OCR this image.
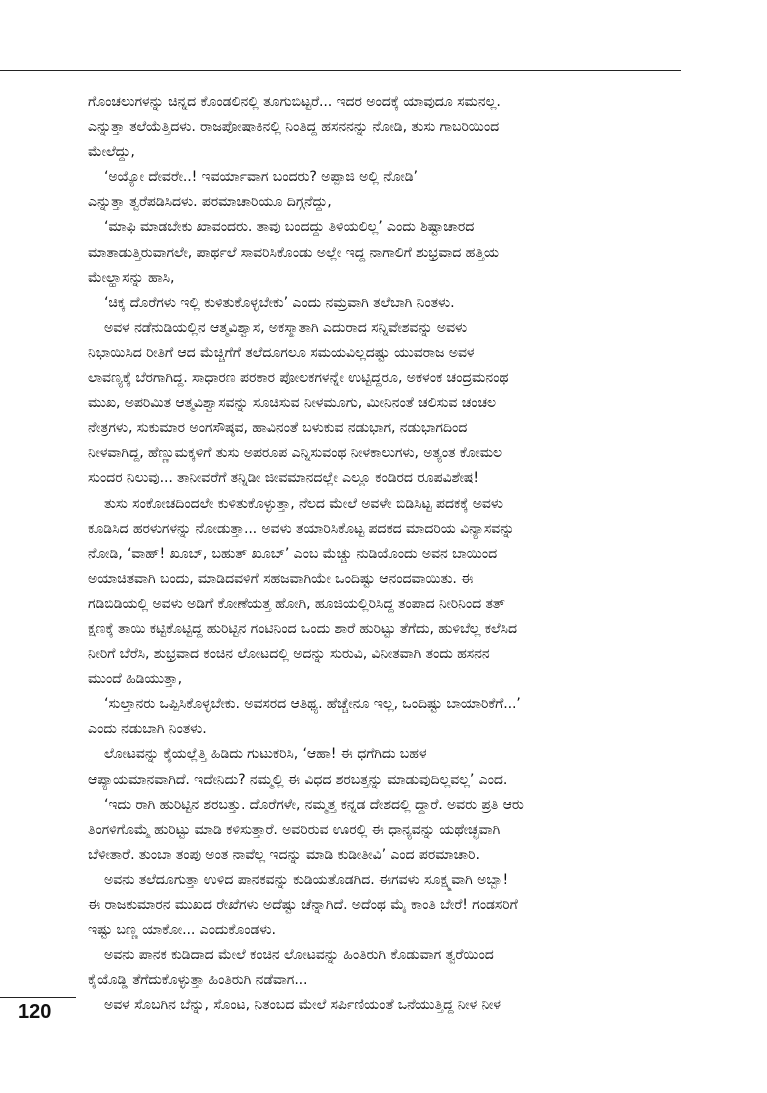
ಗೊಂಚಲುಗಳನ್ನು ಚಿನ್ನದ ಕೊಂಡಲಿನಲ್ಲಿ ತೂಗುಬಿಟ್ಟರೆ... ಇದರ ಅಂದಕ್ಕೆ ಯಾವುದೂ ಸಮನಲ್ಲ.
ಎನ್ನುತ್ತಾ ತಲೆಯೆತ್ತಿದಳು. ರಾಜಪೋಷಾಕಿನಲ್ಲಿ ನಿಂತಿದ್ದ ಹಸನನನ್ನು ನೋಡಿ, ತುಸು ಗಾಬರಿಯಿಂದ
ಮೇಲೆದ್ದು,
‘ಅಯ್ಯೋ ದೇವರೇ..! ಇವರ್ಯಾವಾಗ ಬಂದರು? ಅಪ್ಪಾಜಿ ಅಲ್ಲಿ ನೋಡಿ’
ಎನ್ನುತ್ತಾ ತ್ವರೆಪಡಿಸಿದಳು. ಪರಮಾಚಾರಿಯೂ ದಿಗ್ಗನೆದ್ದು,
‘ಮಾಫಿ ಮಾಡಬೇಕು ಖಾವಂದರು. ತಾವು ಬಂದದ್ದು ತಿಳಿಯಲಿಲ್ಲ’ ಎಂದು ಶಿಷ್ಟಾಚಾರದ
ಮಾತಾಡುತ್ತಿರುವಾಗಲೇ, ಪಾರ್ಥಲೆ ಸಾವರಿಸಿಕೊಂಡು ಅಲ್ಲೇ ಇದ್ದ ನಾಗಾಲಿಗೆ ಶುಭ್ರವಾದ ಹತ್ತಿಯ
ಮೇಲ್ಹಾಸನ್ನು ಹಾಸಿ,
‘ಚಿಕ್ಕ ದೊರೆಗಳು ಇಲ್ಲಿ ಕುಳಿತುಕೊಳ್ಳಬೇಕು’ ಎಂದು ನಮ್ರವಾಗಿ ತಲೆಬಾಗಿ ನಿಂತಳು.
ಅವಳ ನಡೆನುಡಿಯಲ್ಲಿನ ಆತ್ಮವಿಶ್ವಾಸ, ಅಕಸ್ಮಾತಾಗಿ ಎದುರಾದ ಸನ್ನಿವೇಶವನ್ನು ಅವಳು
ನಿಭಾಯಿಸಿದ ರೀತಿಗೆ ಆದ ಮೆಚ್ಚಿಗೆಗೆ ತಲೆದೂಗಲೂ ಸಮಯವಿಲ್ಲದಷ್ಟು ಯುವರಾಜ ಅವಳ
ಲಾವಣ್ಯಕ್ಕೆ ಬೆರಗಾಗಿದ್ದ. ಸಾಧಾರಣ ಪರಕಾರ ಪೋಲಕಗಳನ್ನೇ ಉಟ್ಟಿದ್ದರೂ, ಅಕಳಂಕ ಚಂದ್ರಮನಂಥ
ಮುಖ, ಅಪರಿಮಿತ ಆತ್ಮವಿಶ್ವಾಸವನ್ನು ಸೂಚಿಸುವ ನೀಳಮೂಗು, ಮೀನಿನಂತೆ ಚಲಿಸುವ ಚಂಚಲ
ನೇತ್ರಗಳು, ಸುಕುಮಾರ ಅಂಗಸೌಷ್ಠವ, ಹಾವಿನಂತೆ ಬಳುಕುವ ನಡುಭಾಗ, ನಡುಭಾಗದಿಂದ
ನೀಳವಾಗಿದ್ದ, ಹೆಣ್ಣುಮಕ್ಕಳಿಗೆ ತುಸು ಅಪರೂಪ ಎನ್ನಿಸುವಂಥ ನೀಳಕಾಲುಗಳು, ಅತ್ಯಂತ ಕೋಮಲ
ಸುಂದರ ನಿಲುವು... ತಾನೀವರೆಗೆ ತನ್ನಿಡೀ ಜೀವಮಾನದಲ್ಲೇ ಎಲ್ಲೂ ಕಂಡಿರದ ರೂಪವಿಶೇಷ!
ತುಸು ಸಂಕೋಚದಿಂದಲೇ ಕುಳಿತುಕೊಳ್ಳುತ್ತಾ, ನೆಲದ ಮೇಲೆ ಅವಳೇ ಬಿಡಿಸಿಟ್ಟ ಪದಕಕ್ಕೆ ಅವಳು
ಕೂಡಿಸಿದ ಹರಳುಗಳನ್ನು ನೋಡುತ್ತಾ... ಅವಳು ತಯಾರಿಸಿಕೊಟ್ಟ ಪದಕದ ಮಾದರಿಯ ವಿನ್ಯಾಸವನ್ನು
ನೋಡಿ, ‘ವಾಹ್! ಖೂಬ್, ಬಹುತ್ ಖೂಬ್’ ಎಂಬ ಮೆಚ್ಚು ನುಡಿಯೊಂದು ಅವನ ಬಾಯಿಂದ
ಅಯಾಚಿತವಾಗಿ ಬಂದು, ಮಾಡಿದವಳಿಗೆ ಸಹಜವಾಗಿಯೇ ಒಂದಿಷ್ಟು ಆನಂದವಾಯಿತು. ಈ
ಗಡಿಬಿಡಿಯಲ್ಲಿ ಅವಳು ಅಡಿಗೆ ಕೋಣೆಯತ್ತ ಹೋಗಿ, ಹೂಜಿಯಲ್ಲಿರಿಸಿದ್ದ ತಂಪಾದ ನೀರಿನಿಂದ ತತ್
ಕ್ಷಣಕ್ಕೆ ತಾಯಿ ಕಟ್ಟಿಕೊಟ್ಟಿದ್ದ ಹುರಿಟ್ಟಿನ ಗಂಟಿನಿಂದ ಒಂದು ಶಾರೆ ಹುರಿಟ್ಟು ತೆಗೆದು, ಹುಳಿಬೆಲ್ಲ ಕಲೆಸಿದ
ನೀರಿಗೆ ಬೆರೆಸಿ, ಶುಭ್ರವಾದ ಕಂಚಿನ ಲೋಟದಲ್ಲಿ ಅದನ್ನು ಸುರುವಿ, ವಿನೀತವಾಗಿ ತಂದು ಹಸನನ
ಮುಂದೆ ಹಿಡಿಯುತ್ತಾ,
‘ಸುಲ್ತಾನರು ಒಪ್ಪಿಸಿಕೊಳ್ಳಬೇಕು. ಅವಸರದ ಆತಿಥ್ಯ. ಹೆಚ್ಚೇನೂ ಇಲ್ಲ, ಒಂದಿಷ್ಟು ಬಾಯಾರಿಕೆಗೆ...’
ಎಂದು ನಡುಬಾಗಿ ನಿಂತಳು.
ಲೋಟವನ್ನು ಕೈಯಲ್ಲೆತ್ತಿ ಹಿಡಿದು ಗುಟುಕರಿಸಿ, ‘ಆಹಾ! ಈ ಧಗೆಗಿದು ಬಹಳ
ಆಪ್ಯಾಯಮಾನವಾಗಿದೆ. ಇದೇನಿದು? ನಮ್ಮಲ್ಲಿ ಈ ವಿಧದ ಶರಬತ್ತನ್ನು ಮಾಡುವುದಿಲ್ಲವಲ್ಲ’ ಎಂದ.
‘ಇದು ರಾಗಿ ಹುರಿಟ್ಟಿನ ಶರಬತ್ತು. ದೊರೆಗಳೇ, ನಮ್ಮತ್ತ ಕನ್ನಡ ದೇಶದಲ್ಲಿ ದ್ದಾರೆ. ಅವರು ಪ್ರತಿ ಆರು
ತಿಂಗಳಿಗೊಮ್ಮೆ ಹುರಿಟ್ಟು ಮಾಡಿ ಕಳಿಸುತ್ತಾರೆ. ಅವರಿರುವ ಊರಲ್ಲಿ ಈ ಧಾನ್ಯವನ್ನು ಯಥೇಚ್ಛವಾಗಿ
ಬೆಳೀತಾರೆ. ತುಂಬಾ ತಂಪು ಅಂತ ನಾವೆಲ್ಲ ಇದನ್ನು ಮಾಡಿ ಕುಡೀತೀವಿ’ ಎಂದ ಪರಮಾಚಾರಿ.
ಅವನು ತಲೆದೂಗುತ್ತಾ ಉಳಿದ ಪಾನಕವನ್ನು ಕುಡಿಯತೊಡಗಿದ. ಈಗವಳು ಸೂಕ್ಷ್ಮವಾಗಿ ಅಬ್ಬಾ!
ಈ ರಾಜಕುಮಾರನ ಮುಖದ ರೇಖೆಗಳು ಅದೆಷ್ಟು ಚೆನ್ನಾಗಿದೆ. ಅದೆಂಥ ಮೈ ಕಾಂತಿ ಬೇರೆ! ಗಂಡಸರಿಗೆ
ಇಷ್ಟು ಬಣ್ಣ ಯಾಕೋ... ಎಂದುಕೊಂಡಳು.
ಅವನು ಪಾನಕ ಕುಡಿದಾದ ಮೇಲೆ ಕಂಚಿನ ಲೋಟವನ್ನು ಹಿಂತಿರುಗಿ ಕೊಡುವಾಗ ತ್ವರೆಯಿಂದ
ಕೈಯೊಡ್ಡಿ ತೆಗೆದುಕೊಳ್ಳುತ್ತಾ ಹಿಂತಿರುಗಿ ನಡೆವಾಗ...
ಅವಳ ಸೊಬಗಿನ ಬೆನ್ನು, ಸೊಂಟ, ನಿತಂಬದ ಮೇಲೆ ಸರ್ಪಿಣಿಯಂತೆ ಒನೆಯುತ್ತಿದ್ದ ನೀಳ ನೀಳ
120
